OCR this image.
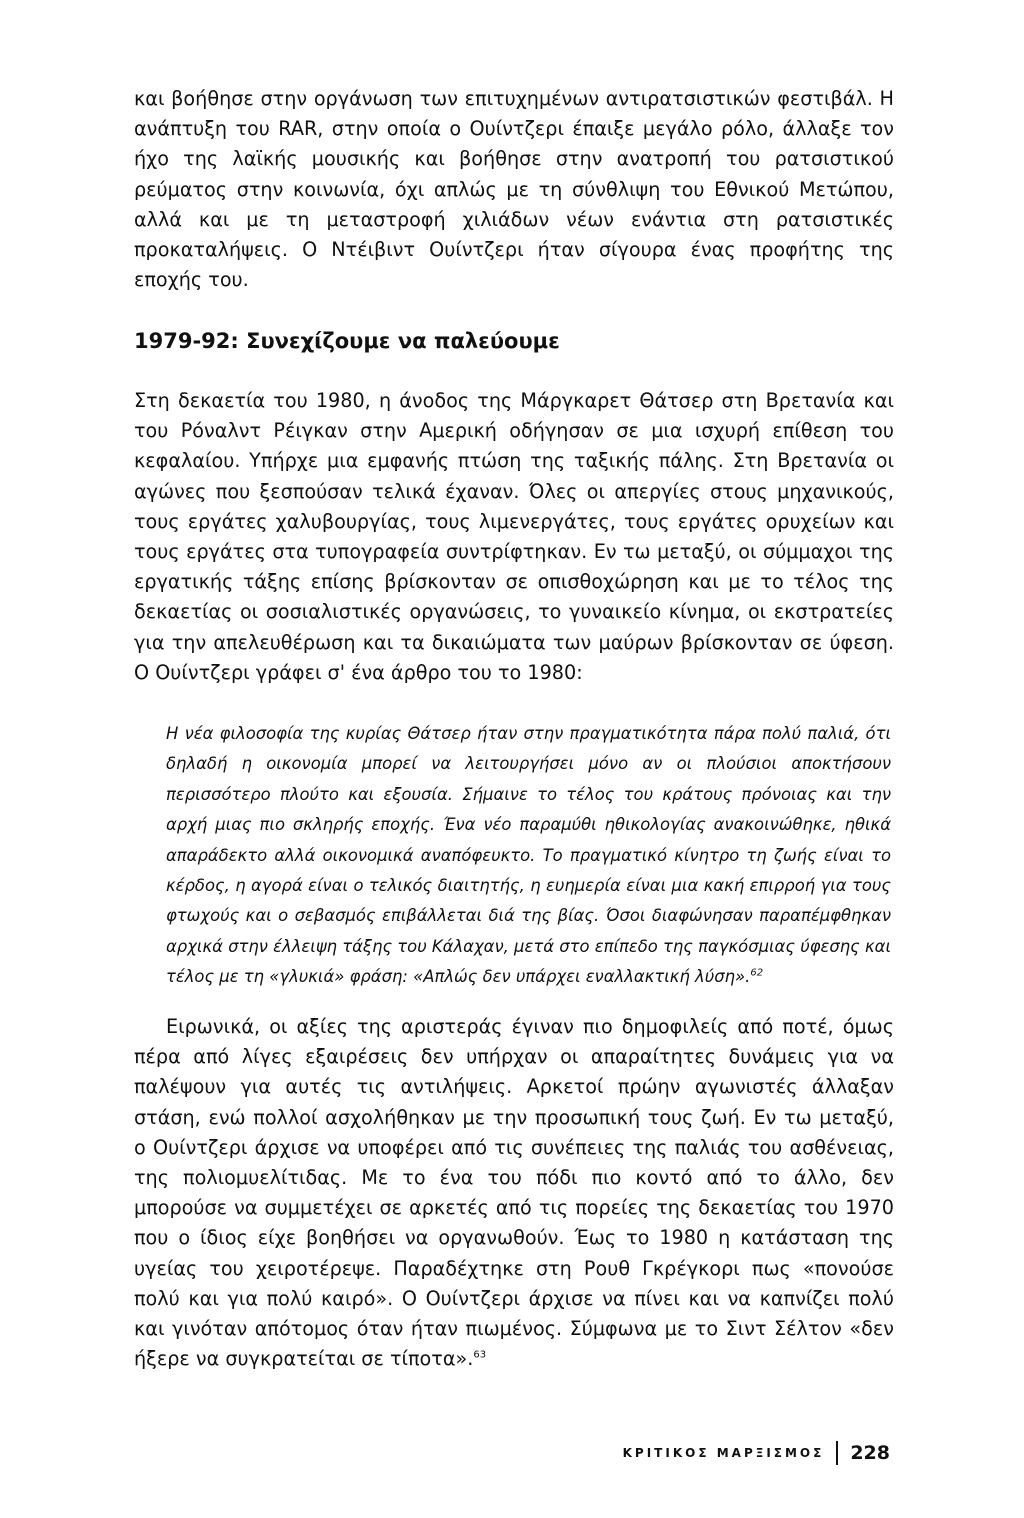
και βοήθησε στην οργάνωση των επιτυχημένων αντιρατσιστικών φεστιβάλ. Η ανάπτυξη του RAR, στην οποία ο Ουίντζερι έπαιξε μεγάλο ρόλο, άλλαξε τον ήχο της λαϊκής μουσικής και βοήθησε στην ανατροπή του ρατσιστικού ρεύματος στην κοινωνία, όχι απλώς με τη σύνθλιψη του Εθνικού Μετώπου, αλλά και με τη μεταστροφή χιλιάδων νέων ενάντια στη ρατσιστικές προκαταλήψεις. Ο Ντέιβιντ Ουίντζερι ήταν σίγουρα ένας προφήτης της εποχής του.

1979-92: Συνεχίζουμε να παλεύουμε

Στη δεκαετία του 1980, η άνοδος της Μάργκαρετ Θάτσερ στη Βρετανία και του Ρόναλντ Ρέιγκαν στην Αμερική οδήγησαν σε μια ισχυρή επίθεση του κεφαλαίου. Υπήρχε μια εμφανής πτώση της ταξικής πάλης. Στη Βρετανία οι αγώνες που ξεσπούσαν τελικά έχαναν. Όλες οι απεργίες στους μηχανικούς, τους εργάτες χαλυβουργίας, τους λιμενεργάτες, τους εργάτες ορυχείων και τους εργάτες στα τυπογραφεία συντρίφτηκαν. Εν τω μεταξύ, οι σύμμαχοι της εργατικής τάξης επίσης βρίσκονταν σε οπισθοχώρηση και με το τέλος της δεκαετίας οι σοσιαλιστικές οργανώσεις, το γυναικείο κίνημα, οι εκστρατείες για την απελευθέρωση και τα δικαιώματα των μαύρων βρίσκονταν σε ύφεση. Ο Ουίντζερι γράφει σ' ένα άρθρο του το 1980:

Η νέα φιλοσοφία της κυρίας Θάτσερ ήταν στην πραγματικότητα πάρα πολύ παλιά, ότι δηλαδή η οικονομία μπορεί να λειτουργήσει μόνο αν οι πλούσιοι αποκτήσουν περισσότερο πλούτο και εξουσία. Σήμαινε το τέλος του κράτους πρόνοιας και την αρχή μιας πιο σκληρής εποχής. Ένα νέο παραμύθι ηθικολογίας ανακοινώθηκε, ηθικά απαράδεκτο αλλά οικονομικά αναπόφευκτο. Το πραγματικό κίνητρο τη ζωής είναι το κέρδος, η αγορά είναι ο τελικός διαιτητής, η ευημερία είναι μια κακή επιρροή για τους φτωχούς και ο σεβασμός επιβάλλεται διά της βίας. Όσοι διαφώνησαν παραπέμφθηκαν αρχικά στην έλλειψη τάξης του Κάλαχαν, μετά στο επίπεδο της παγκόσμιας ύφεσης και τέλος με τη «γλυκιά» φράση: «Απλώς δεν υπάρχει εναλλακτική λύση».$^{62}$

Ειρωνικά, οι αξίες της αριστεράς έγιναν πιο δημοφιλείς από ποτέ, όμως πέρα από λίγες εξαιρέσεις δεν υπήρχαν οι απαραίτητες δυνάμεις για να παλέψουν για αυτές τις αντιλήψεις. Αρκετοί πρώην αγωνιστές άλλαξαν στάση, ενώ πολλοί ασχολήθηκαν με την προσωπική τους ζωή. Εν τω μεταξύ, ο Ουίντζερι άρχισε να υποφέρει από τις συνέπειες της παλιάς του ασθένειας, της πολιομυελίτιδας. Με το ένα του πόδι πιο κοντό από το άλλο, δεν μπορούσε να συμμετέχει σε αρκετές από τις πορείες της δεκαετίας του 1970 που ο ίδιος είχε βοηθήσει να οργανωθούν. Έως το 1980 η κατάσταση της υγείας του χειροτέρεψε. Παραδέχτηκε στη Ρουθ Γκρέγκορι πως «πονούσε πολύ και για πολύ καιρό». Ο Ουίντζερι άρχισε να πίνει και να καπνίζει πολύ και γινόταν απότομος όταν ήταν πιωμένος. Σύμφωνα με το Σιντ Σέλτον «δεν ήξερε να συγκρατείται σε τίποτα».$^{63}$

ΚΡΙΤΙΚΟΣ ΜΑΡΞΙΣΜΟΣ 228
